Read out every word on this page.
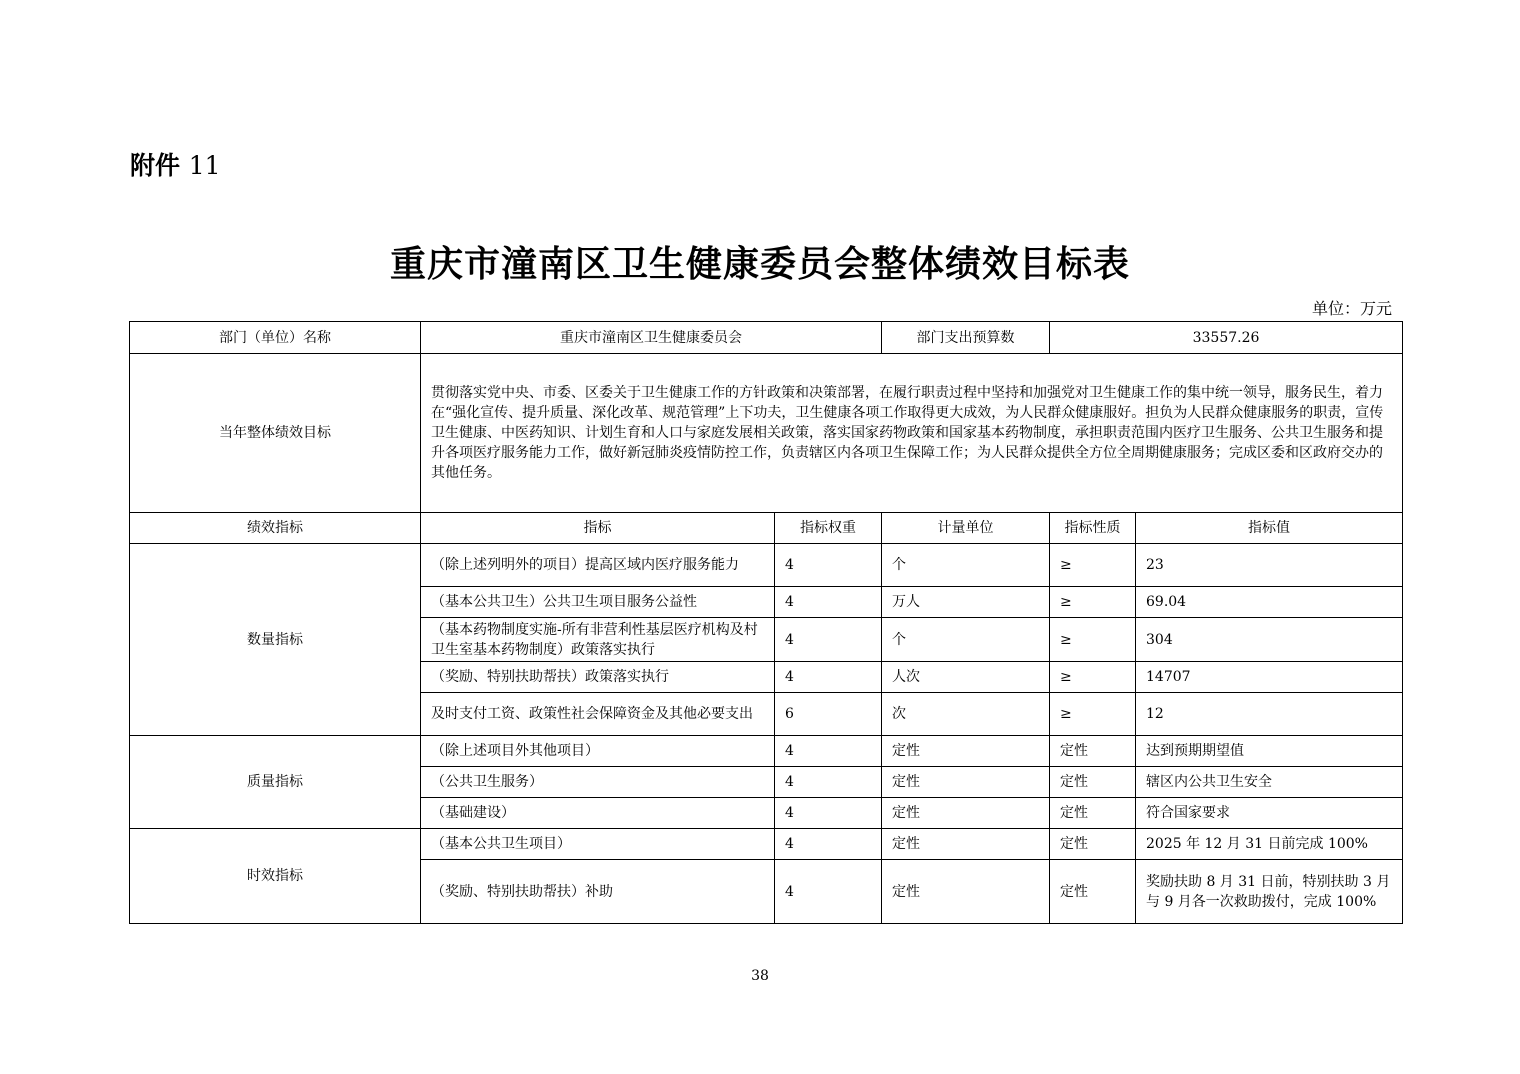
附件 11
重庆市潼南区卫生健康委员会整体绩效目标表
单位：万元
部门（单位）名称	重庆市潼南区卫生健康委员会		部门支出预算数	33557.26	
当年整体绩效目标	贯彻落实党中央、市委、区委关于卫生健康工作的方针政策和决策部署，在履行职责过程中坚持和加强党对卫生健康工作的集中统一领导，服务民生，着力在“强化宣传、提升质量、深化改革、规范管理”上下功夫，卫生健康各项工作取得更大成效，为人民群众健康服好。担负为人民群众健康服务的职责，宣传卫生健康、中医药知识、计划生育和人口与家庭发展相关政策，落实国家药物政策和国家基本药物制度，承担职责范围内医疗卫生服务、公共卫生服务和提升各项医疗服务能力工作，做好新冠肺炎疫情防控工作，负责辖区内各项卫生保障工作；为人民群众提供全方位全周期健康服务；完成区委和区政府交办的其他任务。				
绩效指标	指标	指标权重	计量单位	指标性质	指标值
数量指标	（除上述列明外的项目）提高区域内医疗服务能力	4	个	≥	23
	（基本公共卫生）公共卫生项目服务公益性	4	万人	≥	69.04
	（基本药物制度实施-所有非营利性基层医疗机构及村卫生室基本药物制度）政策落实执行	4	个	≥	304
	（奖励、特别扶助帮扶）政策落实执行	4	人次	≥	14707
	及时支付工资、政策性社会保障资金及其他必要支出	6	次	≥	12
质量指标	（除上述项目外其他项目）	4	定性	定性	达到预期期望值
	（公共卫生服务）	4	定性	定性	辖区内公共卫生安全
	（基础建设）	4	定性	定性	符合国家要求
时效指标	（基本公共卫生项目）	4	定性	定性	2025 年 12 月 31 日前完成 100%
	（奖励、特别扶助帮扶）补助	4	定性	定性	奖励扶助 8 月 31 日前，特别扶助 3 月与 9 月各一次救助拨付，完成 100%
38
